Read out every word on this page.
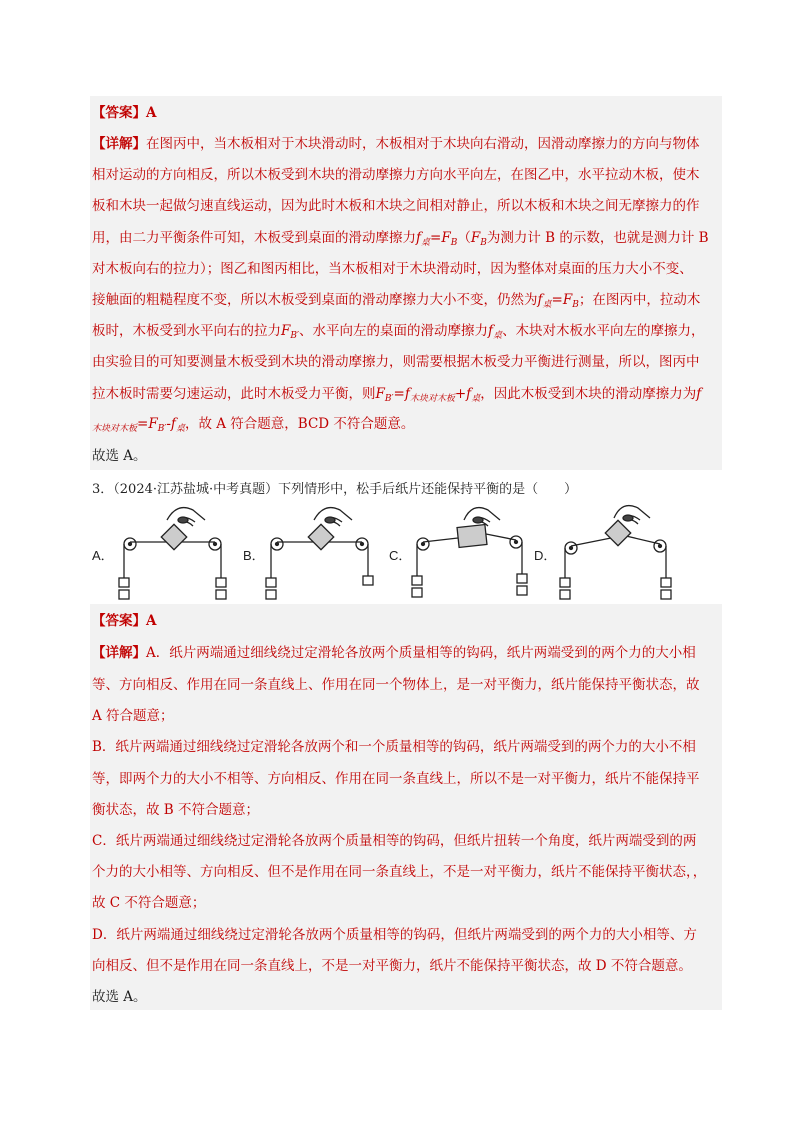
【答案】A
【详解】在图丙中，当木板相对于木块滑动时，木板相对于木块向右滑动，因滑动摩擦力的方向与物体
相对运动的方向相反，所以木板受到木块的滑动摩擦力方向水平向左，在图乙中，水平拉动木板，使木
板和木块一起做匀速直线运动，因为此时木板和木块之间相对静止，所以木板和木块之间无摩擦力的作
用，由二力平衡条件可知，木板受到桌面的滑动摩擦力$f_桌=F_B(F_B$为测力计 B 的示数，也就是测力计 B
对木板向右的拉力）；图乙和图丙相比，当木板相对于木块滑动时，因为整体对桌面的压力大小不变、
接触面的粗糙程度不变，所以木板受到桌面的滑动摩擦力大小不变，仍然为$f_桌=F_B$；在图丙中，拉动木
板时，木板受到水平向右的拉力$F_{B'}$、水平向左的桌面的滑动摩擦力$f_桌$、木块对木板水平向左的摩擦力，
由实验目的可知要测量木板受到木块的滑动摩擦力，则需要根据木板受力平衡进行测量，所以，图丙中
拉木板时需要匀速运动，此时木板受力平衡，则$F_{B'}=f_{木块对木板}+f_桌$，因此木板受到木块的滑动摩擦力为f
$_{木块对木板}=F_{B'}-f_桌$，故 A 符合题意，BCD 不符合题意。
故选 A。
3．（2024·江苏盐城·中考真题）下列情形中，松手后纸片还能保持平衡的是（　　）
A．	B．	C．	D．
【答案】A
【详解】A．纸片两端通过细线绕过定滑轮各放两个质量相等的钩码，纸片两端受到的两个力的大小相
等、方向相反、作用在同一条直线上、作用在同一个物体上，是一对平衡力，纸片能保持平衡状态，故
A 符合题意；
B．纸片两端通过细线绕过定滑轮各放两个和一个质量相等的钩码，纸片两端受到的两个力的大小不相
等，即两个力的大小不相等、方向相反、作用在同一条直线上，所以不是一对平衡力，纸片不能保持平
衡状态，故 B 不符合题意；
C．纸片两端通过细线绕过定滑轮各放两个质量相等的钩码，但纸片扭转一个角度，纸片两端受到的两
个力的大小相等、方向相反、但不是作用在同一条直线上，不是一对平衡力，纸片不能保持平衡状态，，
故 C 不符合题意；
D．纸片两端通过细线绕过定滑轮各放两个质量相等的钩码，但纸片两端受到的两个力的大小相等、方
向相反、但不是作用在同一条直线上，不是一对平衡力，纸片不能保持平衡状态，故 D 不符合题意。
故选 A。
